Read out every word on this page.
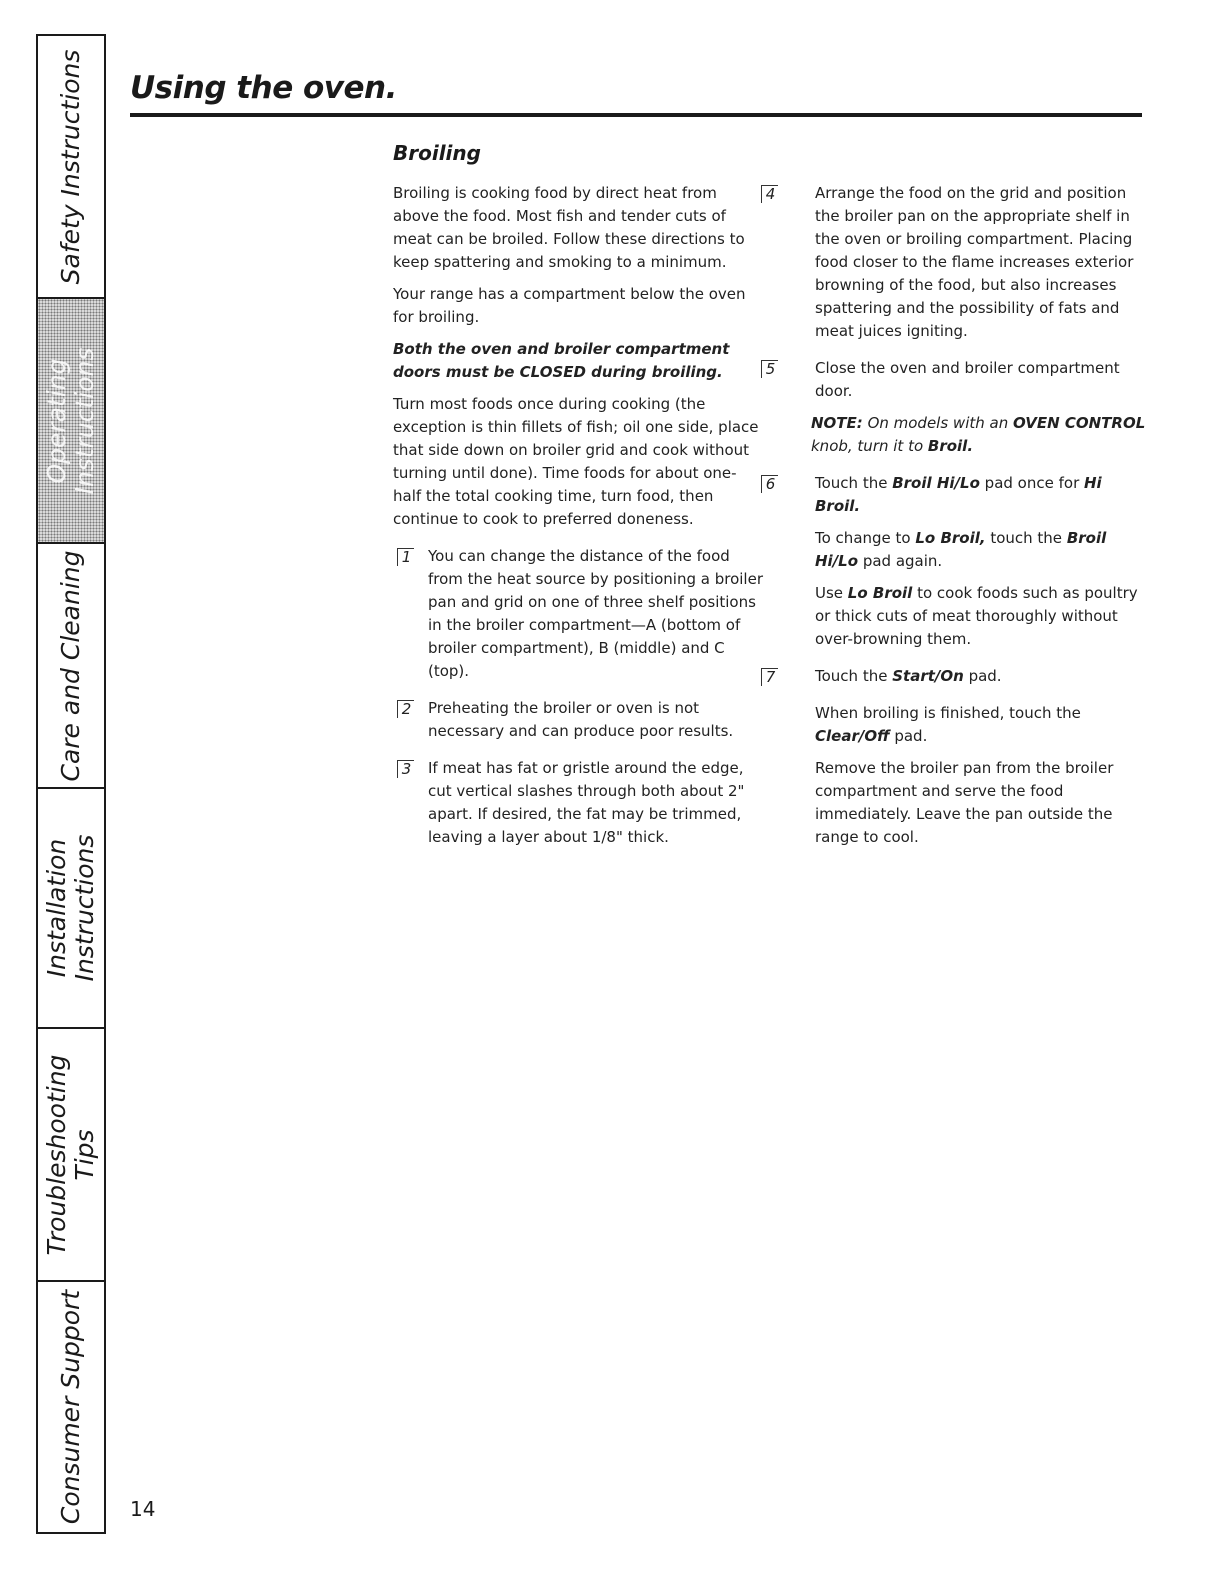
Safety Instructions
Operating Instructions
Care and Cleaning
Installation Instructions
Troubleshooting Tips
Consumer Support
Using the oven.
Broiling

Broiling is cooking food by direct heat from above the food. Most fish and tender cuts of meat can be broiled. Follow these directions to keep spattering and smoking to a minimum.

Your range has a compartment below the oven for broiling.

Both the oven and broiler compartment doors must be CLOSED during broiling.

Turn most foods once during cooking (the exception is thin fillets of fish; oil one side, place that side down on broiler grid and cook without turning until done). Time foods for about one-half the total cooking time, turn food, then continue to cook to preferred doneness.

1 You can change the distance of the food from the heat source by positioning a broiler pan and grid on one of three shelf positions in the broiler compartment—A (bottom of broiler compartment), B (middle) and C (top).
2 Preheating the broiler or oven is not necessary and can produce poor results.
3 If meat has fat or gristle around the edge, cut vertical slashes through both about 2" apart. If desired, the fat may be trimmed, leaving a layer about 1/8" thick.
4	Arrange the food on the grid and position the broiler pan on the appropriate shelf in the oven or broiling compartment. Placing food closer to the flame increases exterior browning of the food, but also increases spattering and the possibility of fats and meat juices igniting.
5	Close the oven and broiler compartment door.

NOTE: On models with an OVEN CONTROL knob, turn it to Broil.

6	Touch the Broil Hi/Lo pad once for Hi Broil.

To change to Lo Broil, touch the Broil Hi/Lo pad again.

Use Lo Broil to cook foods such as poultry or thick cuts of meat thoroughly without over-browning them.

7	Touch the Start/On pad.

When broiling is finished, touch the Clear/Off pad.

Remove the broiler pan from the broiler compartment and serve the food immediately. Leave the pan outside the range to cool.

14
